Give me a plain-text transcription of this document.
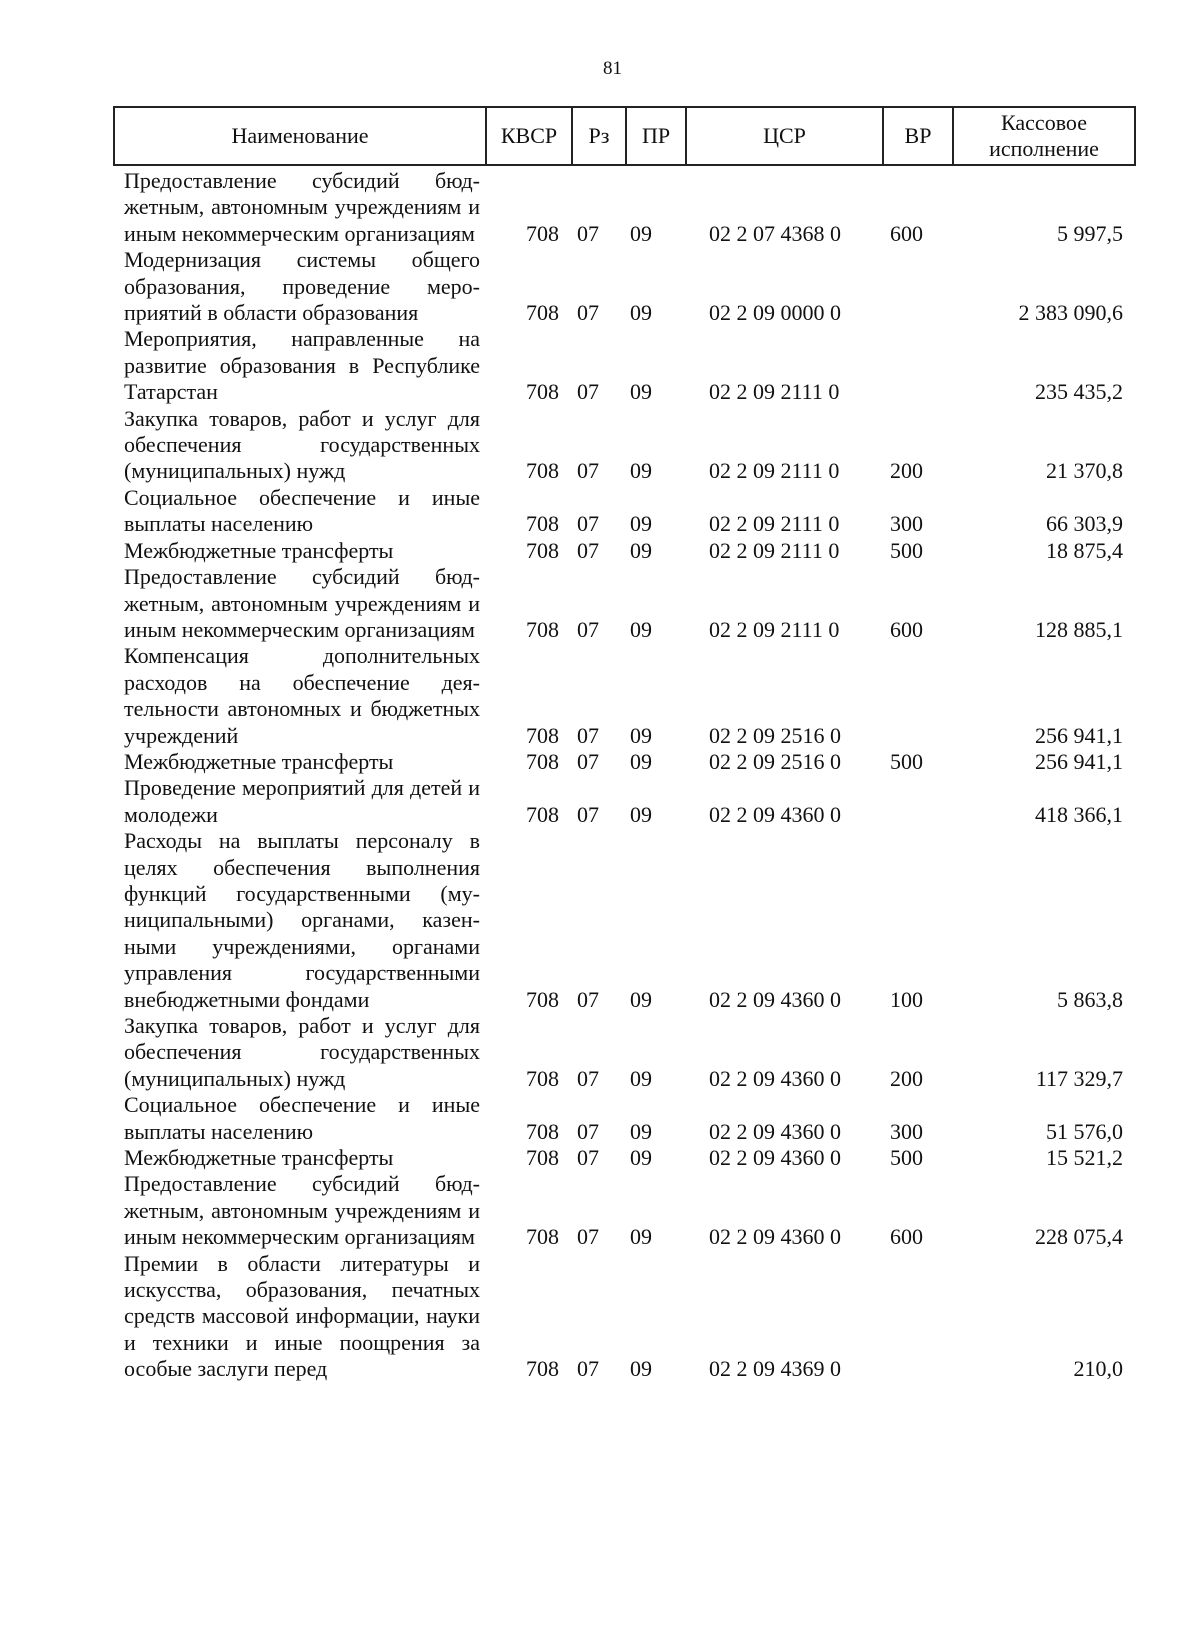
81
Наименование	КВСР	Рз	ПР	ЦСР	ВР	Кассовое исполнение
Предоставление субсидий бюджетным, автономным учреждениям и иным некоммерческим организациям	708	07	09	02 2 07 4368 0	600	5 997,5
Модернизация системы общего образования, проведение мероприятий в области образования	708	07	09	02 2 09 0000 0		2 383 090,6
Мероприятия, направленные на развитие образования в Республике Татарстан	708	07	09	02 2 09 2111 0		235 435,2
Закупка товаров, работ и услуг для обеспечения государственных (муниципальных) нужд	708	07	09	02 2 09 2111 0	200	21 370,8
Социальное обеспечение и иные выплаты населению	708	07	09	02 2 09 2111 0	300	66 303,9
Межбюджетные трансферты	708	07	09	02 2 09 2111 0	500	18 875,4
Предоставление субсидий бюджетным, автономным учреждениям и иным некоммерческим организациям	708	07	09	02 2 09 2111 0	600	128 885,1
Компенсация дополнительных расходов на обеспечение деятельности автономных и бюджетных учреждений	708	07	09	02 2 09 2516 0		256 941,1
Межбюджетные трансферты	708	07	09	02 2 09 2516 0	500	256 941,1
Проведение мероприятий для детей и молодежи	708	07	09	02 2 09 4360 0		418 366,1
Расходы на выплаты персоналу в целях обеспечения выполнения функций государственными (муниципальными) органами, казенными учреждениями, органами управления государственными внебюджетными фондами	708	07	09	02 2 09 4360 0	100	5 863,8
Закупка товаров, работ и услуг для обеспечения государственных (муниципальных) нужд	708	07	09	02 2 09 4360 0	200	117 329,7
Социальное обеспечение и иные выплаты населению	708	07	09	02 2 09 4360 0	300	51 576,0
Межбюджетные трансферты	708	07	09	02 2 09 4360 0	500	15 521,2
Предоставление субсидий бюджетным, автономным учреждениям и иным некоммерческим организациям	708	07	09	02 2 09 4360 0	600	228 075,4
Премии в области литературы и искусства, образования, печатных средств массовой информации, науки и техники и иные поощрения за особые заслуги перед	708	07	09	02 2 09 4369 0		210,0
